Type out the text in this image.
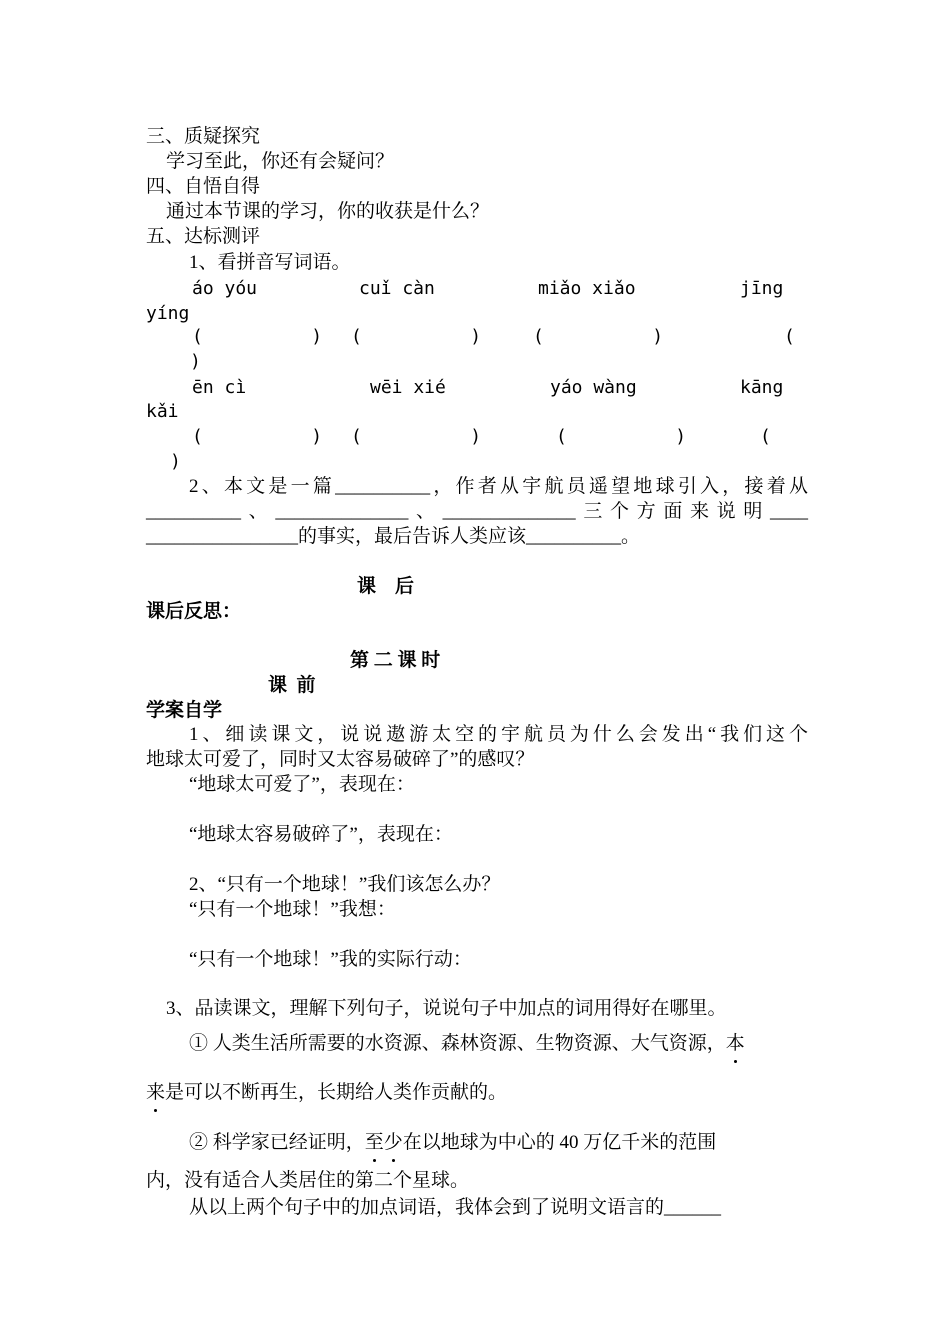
三、质疑探究
学习至此，你还有会疑问？
四、自悟自得
通过本节课的学习，你的收获是什么？
五、达标测评
1、看拼音写词语。
áo yóu	cuǐ càn	miǎo xiǎo	jīng
yíng
(          )	(          )	(          )	(
)
ēn cì	wēi xié	yáo wàng	kāng
kǎi
(          )	(          )	(          )	(
)
2、本文是一篇__________，作者从宇航员遥望地球引入，接着从
__________、______________、______________三个方面来说明____
________________的事实，最后告诉人类应该__________。
课    后
课后反思：
第 二 课 时
课  前
学案自学
1、细读课文，说说遨游太空的宇航员为什么会发出“我们这个
地球太可爱了，同时又太容易破碎了”的感叹？
“地球太可爱了”，表现在：
“地球太容易破碎了”，表现在：
2、“只有一个地球！”我们该怎么办？
“只有一个地球！”我想：
“只有一个地球！”我的实际行动：
3、品读课文，理解下列句子，说说句子中加点的词用得好在哪里。
① 人类生活所需要的水资源、森林资源、生物资源、大气资源，本
来是可以不断再生，长期给人类作贡献的。
② 科学家已经证明，至少在以地球为中心的 40 万亿千米的范围
内，没有适合人类居住的第二个星球。
从以上两个句子中的加点词语，我体会到了说明文语言的______
